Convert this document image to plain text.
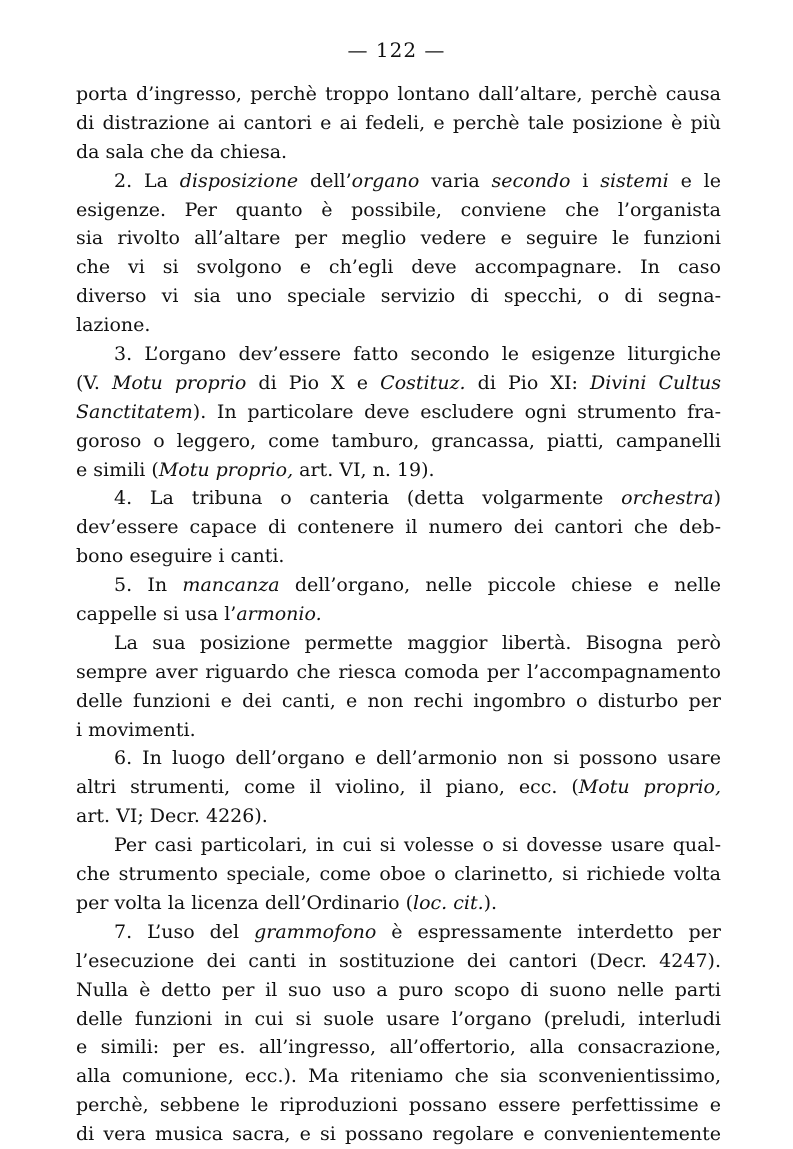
— 122 —
porta d’ingresso, perchè troppo lontano dall’altare, perchè causa
di distrazione ai cantori e ai fedeli, e perchè tale posizione è più
da sala che da chiesa.
2. La disposizione dell’organo varia secondo i sistemi e le
esigenze. Per quanto è possibile, conviene che l’organista
sia rivolto all’altare per meglio vedere e seguire le funzioni
che vi si svolgono e ch’egli deve accompagnare. In caso
diverso vi sia uno speciale servizio di specchi, o di segna-
lazione.
3. L’organo dev’essere fatto secondo le esigenze liturgiche
(V. Motu proprio di Pio X e Costituz. di Pio XI: Divini Cultus
Sanctitatem). In particolare deve escludere ogni strumento fra-
goroso o leggero, come tamburo, grancassa, piatti, campanelli
e simili (Motu proprio, art. VI, n. 19).
4. La tribuna o canteria (detta volgarmente orchestra)
dev’essere capace di contenere il numero dei cantori che deb-
bono eseguire i canti.
5. In mancanza dell’organo, nelle piccole chiese e nelle
cappelle si usa l’armonio.
La sua posizione permette maggior libertà. Bisogna però
sempre aver riguardo che riesca comoda per l’accompagnamento
delle funzioni e dei canti, e non rechi ingombro o disturbo per
i movimenti.
6. In luogo dell’organo e dell’armonio non si possono usare
altri strumenti, come il violino, il piano, ecc. (Motu proprio,
art. VI; Decr. 4226).
Per casi particolari, in cui si volesse o si dovesse usare qual-
che strumento speciale, come oboe o clarinetto, si richiede volta
per volta la licenza dell’Ordinario (loc. cit.).
7. L’uso del grammofono è espressamente interdetto per
l’esecuzione dei canti in sostituzione dei cantori (Decr. 4247).
Nulla è detto per il suo uso a puro scopo di suono nelle parti
delle funzioni in cui si suole usare l’organo (preludi, interludi
e simili: per es. all’ingresso, all’offertorio, alla consacrazione,
alla comunione, ecc.). Ma riteniamo che sia sconvenientissimo,
perchè, sebbene le riproduzioni possano essere perfettissime e
di vera musica sacra, e si possano regolare e convenientemente
